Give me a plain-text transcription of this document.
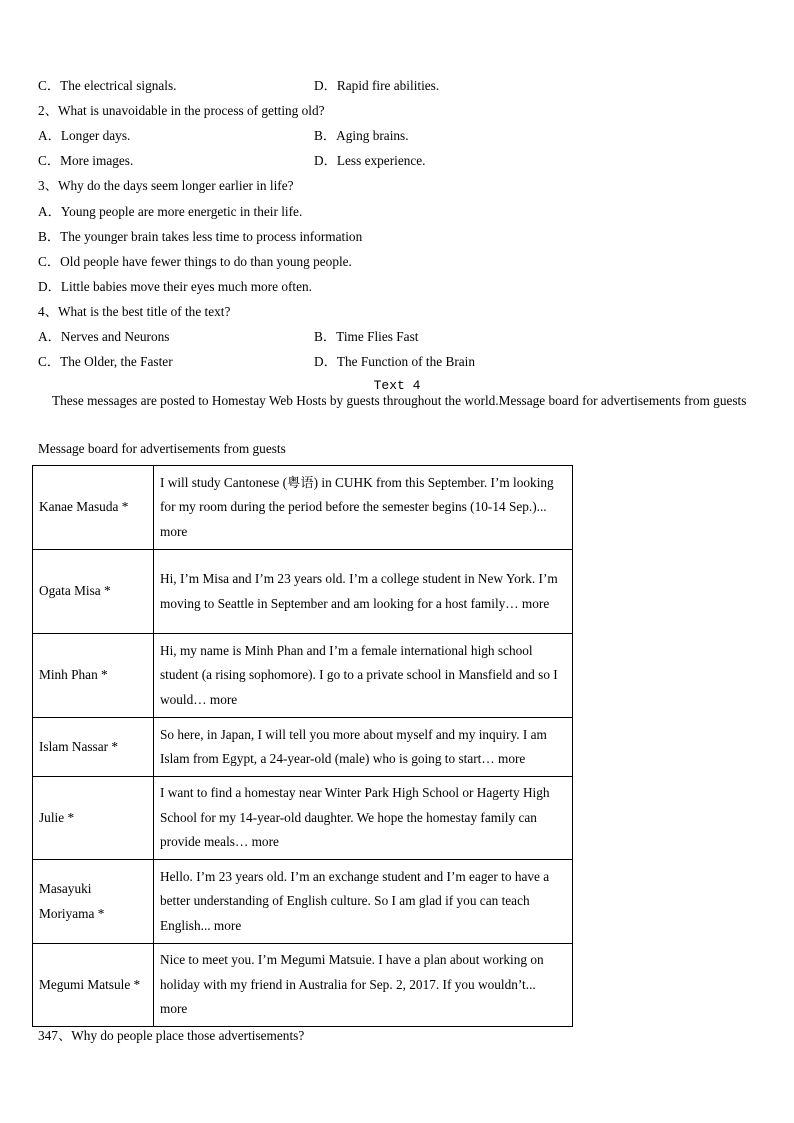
C．The electrical signals.	D．Rapid fire abilities.
2、What is unavoidable in the process of getting old?
A．Longer days.	B．Aging brains.
C．More images.	D．Less experience.
3、Why do the days seem longer earlier in life?
A．Young people are more energetic in their life.
B．The younger brain takes less time to process information
C．Old people have fewer things to do than young people.
D．Little babies move their eyes much more often.
4、What is the best title of the text?
A．Nerves and Neurons	B．Time Flies Fast
C．The Older, the Faster	D．The Function of the Brain
Text 4
These messages are posted to Homestay Web Hosts by guests throughout the world.Message board for advertisements from guests
Message board for advertisements from guests
Kanae Masuda *	I will study Cantonese (粤语) in CUHK from this September. I’m looking for my room during the period before the semester begins (10-14 Sep.)... more
Ogata Misa *	Hi, I’m Misa and I’m 23 years old. I’m a college student in New York. I’m moving to Seattle in September and am looking for a host family… more
Minh Phan *	Hi, my name is Minh Phan and I’m a female international high school student (a rising sophomore). I go to a private school in Mansfield and so I would… more
Islam Nassar *	So here, in Japan, I will tell you more about myself and my inquiry. I am Islam from Egypt, a 24-year-old (male) who is going to start… more
Julie *	I want to find a homestay near Winter Park High School or Hagerty High School for my 14-year-old daughter. We hope the homestay family can provide meals… more
Masayuki Moriyama *	Hello. I’m 23 years old. I’m an exchange student and I’m eager to have a better understanding of English culture. So I am glad if you can teach English... more
Megumi Matsule *	Nice to meet you. I’m Megumi Matsuie. I have a plan about working on holiday with my friend in Australia for Sep. 2, 2017. If you wouldn’t... more
347、Why do people place those advertisements?
